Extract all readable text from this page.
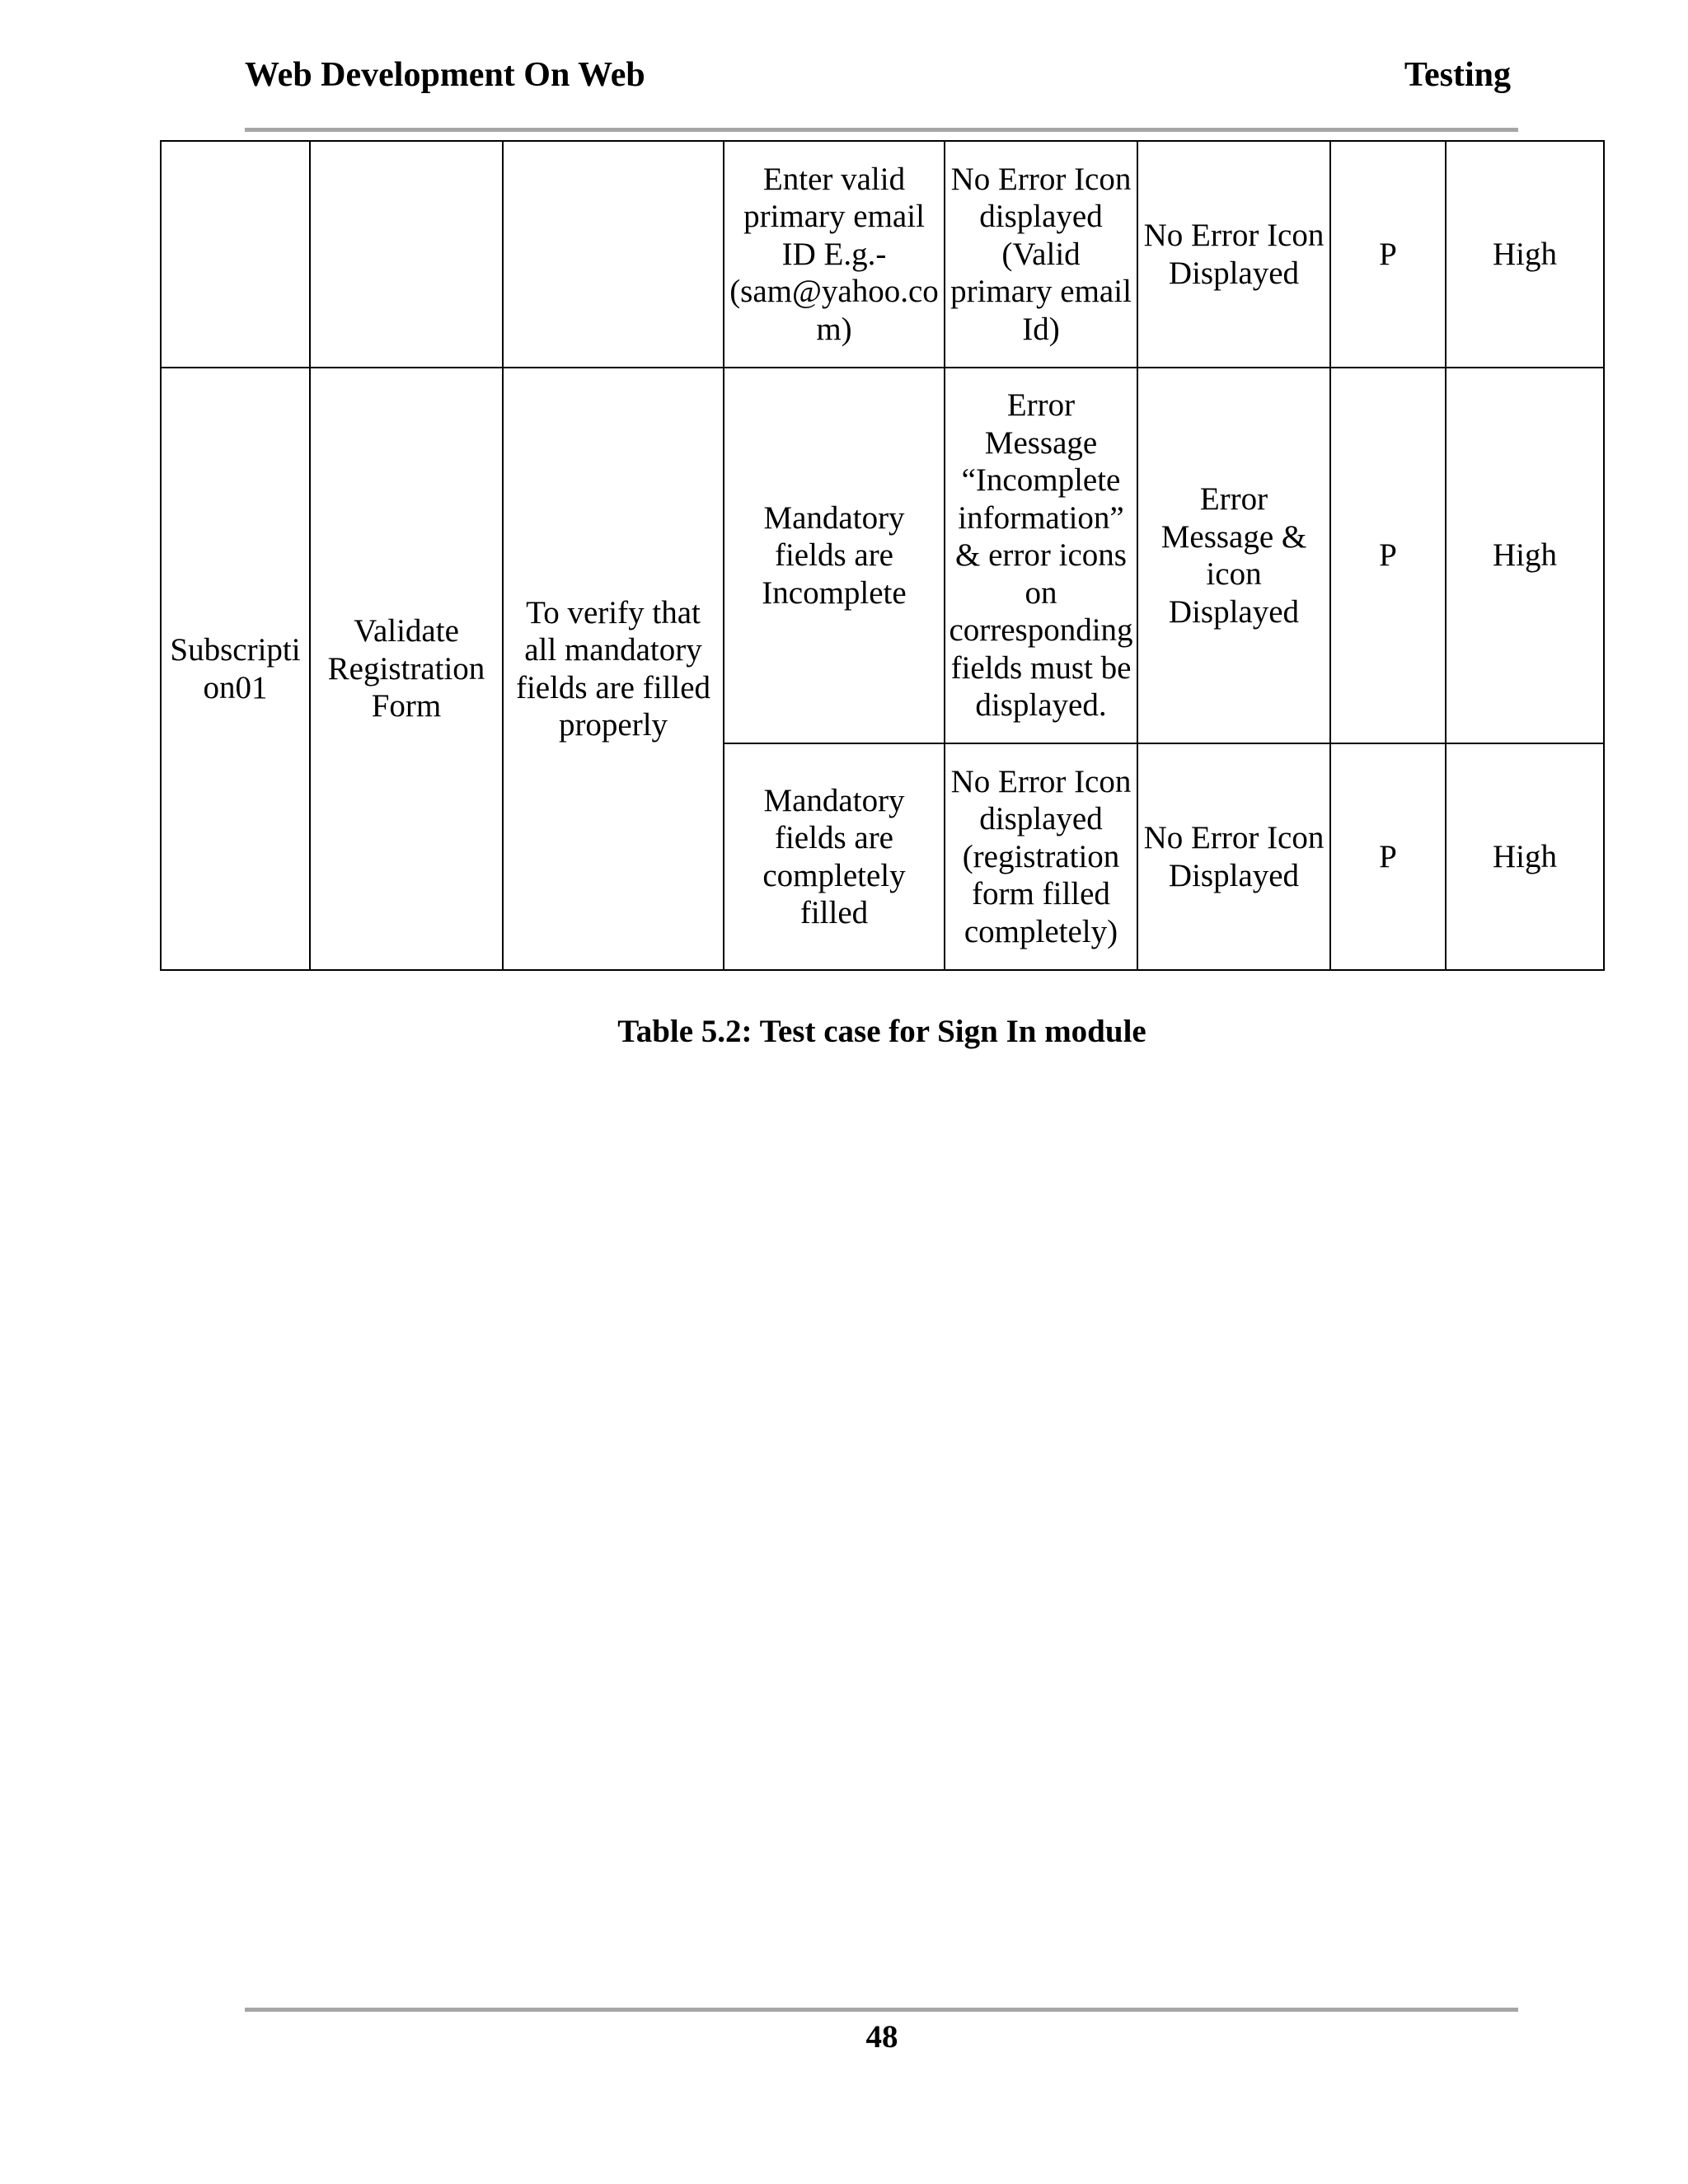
Web Development On Web	Testing
			Enter valid primary email ID E.g.- (sam@yahoo.com)	No Error Icon displayed (Valid primary email Id)	No Error Icon Displayed	P	High
Subscription01	Validate Registration Form	To verify that all mandatory fields are filled properly	Mandatory fields are Incomplete	Error Message “Incomplete information” & error icons on corresponding fields must be displayed.	Error Message & icon Displayed	P	High
			Mandatory fields are completely filled	No Error Icon displayed (registration form filled completely)	No Error Icon Displayed	P	High
Table 5.2: Test case for Sign In module
48
